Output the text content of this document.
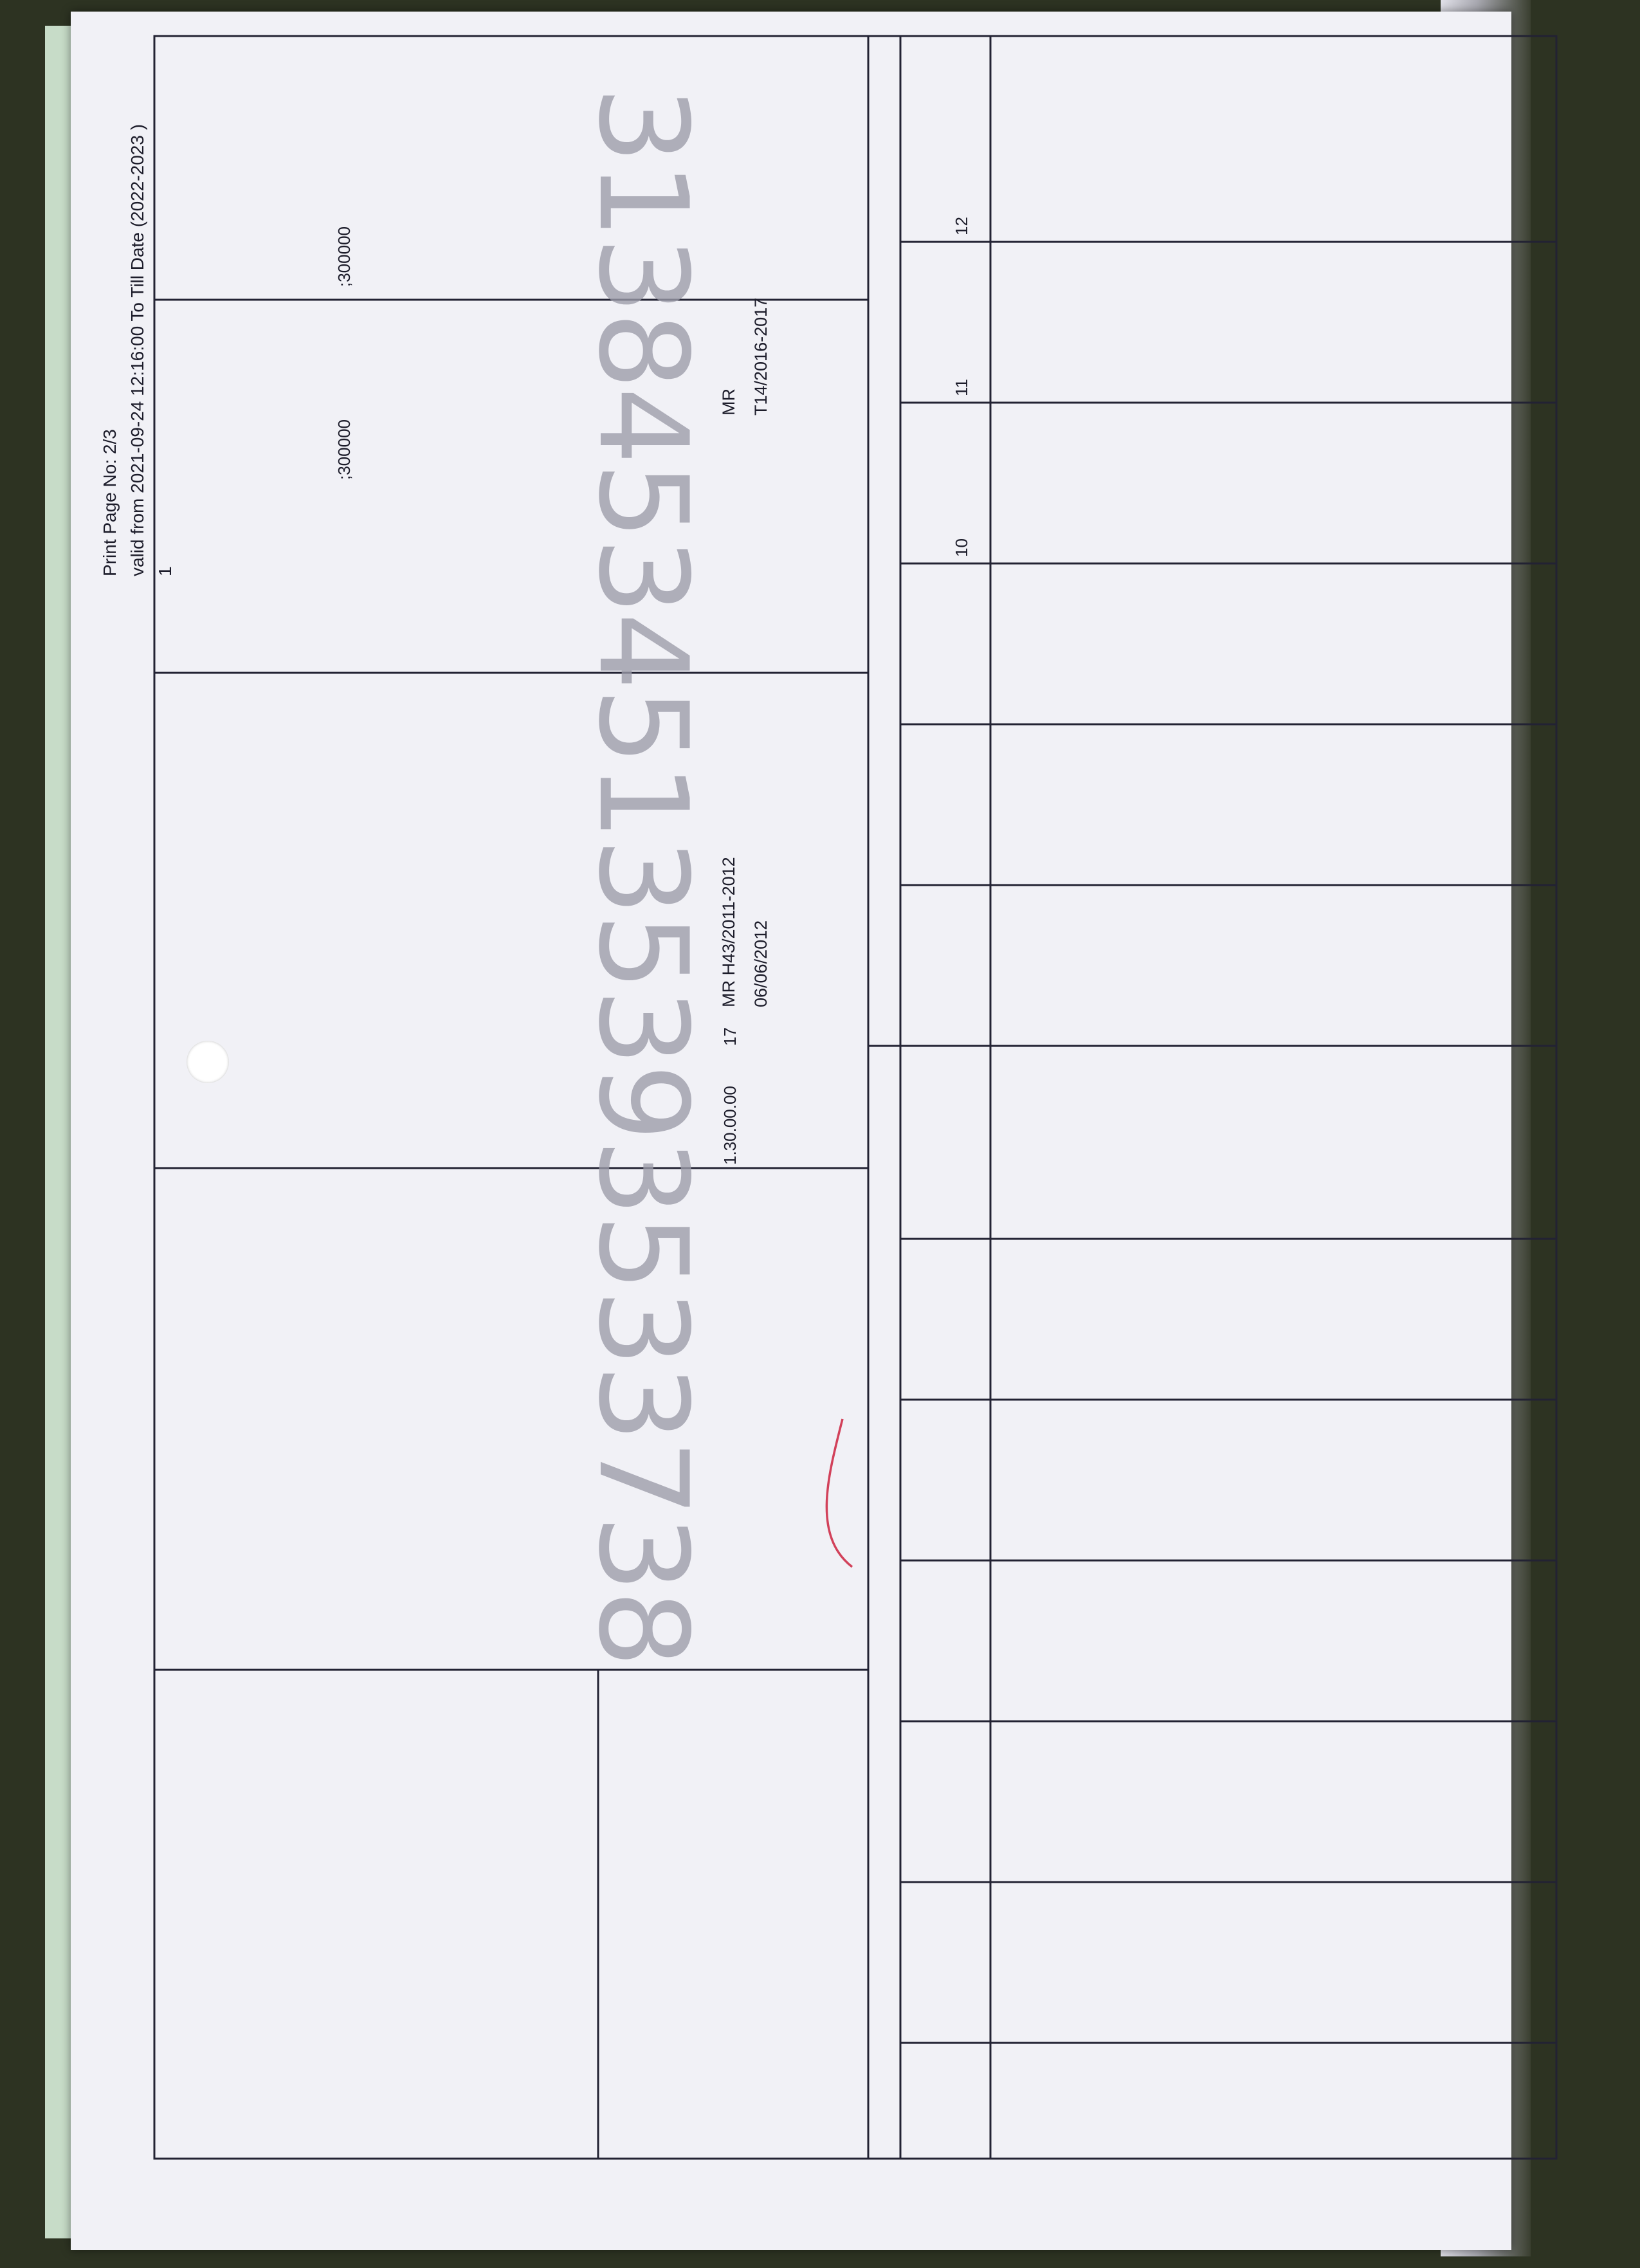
Print Page No: 2/3 valid from 2021-09-24 12:16:00 To Till Date (2022-2023 ) 1
1.30.00.00
17
MR H43/2011-2012 06/06/2012
;300000
;300000
MR T14/2016-2017
10
11
12
313845345135393533738
